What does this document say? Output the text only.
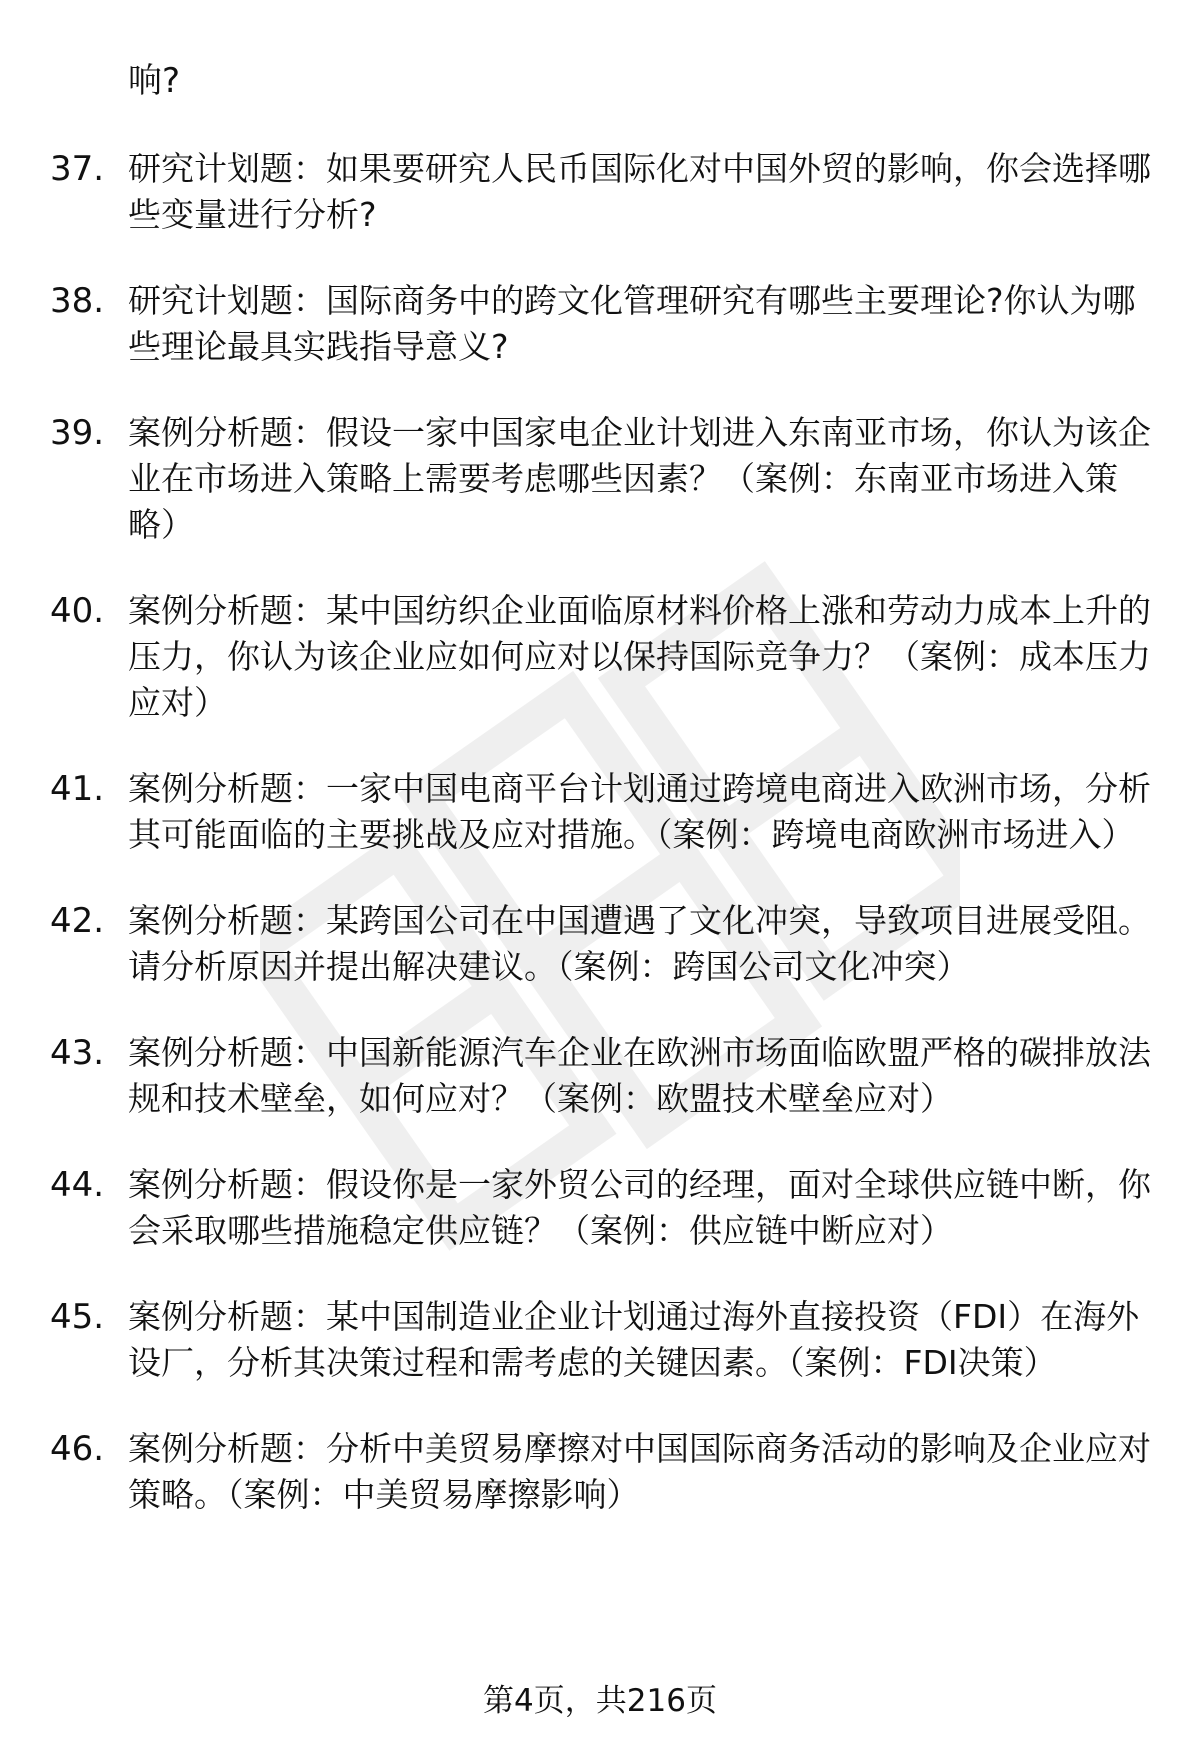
响?

37. 研究计划题：如果要研究人民币国际化对中国外贸的影响，你会选择哪些变量进行分析?
38. 研究计划题：国际商务中的跨文化管理研究有哪些主要理论?你认为哪些理论最具实践指导意义?
39. 案例分析题：假设一家中国家电企业计划进入东南亚市场，你认为该企业在市场进入策略上需要考虑哪些因素？（案例：东南亚市场进入策略）
40. 案例分析题：某中国纺织企业面临原材料价格上涨和劳动力成本上升的压力，你认为该企业应如何应对以保持国际竞争力？（案例：成本压力应对）
41. 案例分析题：一家中国电商平台计划通过跨境电商进入欧洲市场，分析其可能面临的主要挑战及应对措施。（案例：跨境电商欧洲市场进入）
42. 案例分析题：某跨国公司在中国遭遇了文化冲突，导致项目进展受阻。请分析原因并提出解决建议。（案例：跨国公司文化冲突）
43. 案例分析题：中国新能源汽车企业在欧洲市场面临欧盟严格的碳排放法规和技术壁垒，如何应对？（案例：欧盟技术壁垒应对）
44. 案例分析题：假设你是一家外贸公司的经理，面对全球供应链中断，你会采取哪些措施稳定供应链？（案例：供应链中断应对）
45. 案例分析题：某中国制造业企业计划通过海外直接投资（FDI）在海外设厂，分析其决策过程和需考虑的关键因素。（案例：FDI决策）
46. 案例分析题：分析中美贸易摩擦对中国国际商务活动的影响及企业应对策略。（案例：中美贸易摩擦影响）
第4页，共216页
